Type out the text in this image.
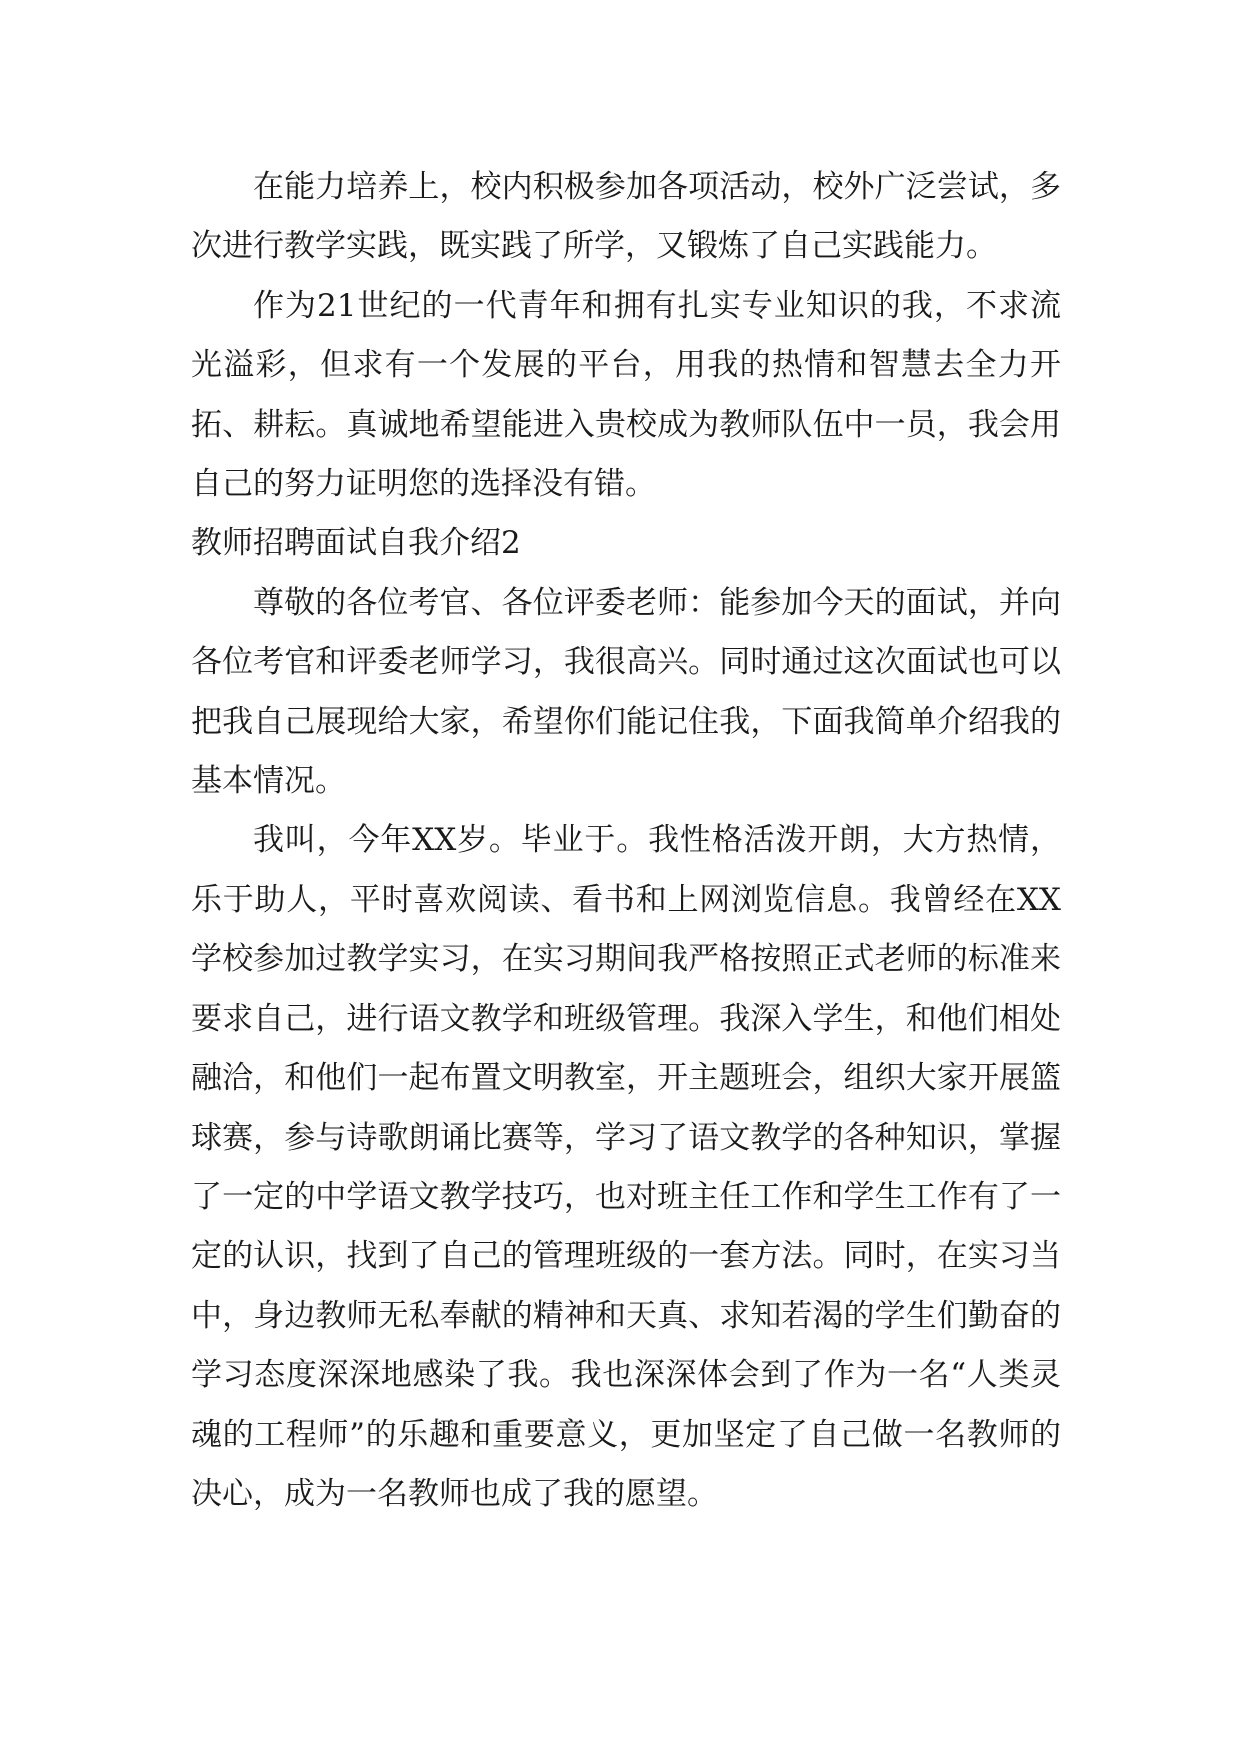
在能力培养上，校内积极参加各项活动，校外广泛尝试，多次进行教学实践，既实践了所学，又锻炼了自己实践能力。

作为21世纪的一代青年和拥有扎实专业知识的我，不求流光溢彩，但求有一个发展的平台，用我的热情和智慧去全力开拓、耕耘。真诚地希望能进入贵校成为教师队伍中一员，我会用自己的努力证明您的选择没有错。

教师招聘面试自我介绍2

尊敬的各位考官、各位评委老师：能参加今天的面试，并向各位考官和评委老师学习，我很高兴。同时通过这次面试也可以把我自己展现给大家，希望你们能记住我，下面我简单介绍我的基本情况。

我叫，今年XX岁。毕业于。我性格活泼开朗，大方热情，乐于助人，平时喜欢阅读、看书和上网浏览信息。我曾经在XX学校参加过教学实习，在实习期间我严格按照正式老师的标准来要求自己，进行语文教学和班级管理。我深入学生，和他们相处融洽，和他们一起布置文明教室，开主题班会，组织大家开展篮球赛，参与诗歌朗诵比赛等，学习了语文教学的各种知识，掌握了一定的中学语文教学技巧，也对班主任工作和学生工作有了一定的认识，找到了自己的管理班级的一套方法。同时，在实习当中，身边教师无私奉献的精神和天真、求知若渴的学生们勤奋的学习态度深深地感染了我。我也深深体会到了作为一名“人类灵魂的工程师”的乐趣和重要意义，更加坚定了自己做一名教师的决心，成为一名教师也成了我的愿望。
